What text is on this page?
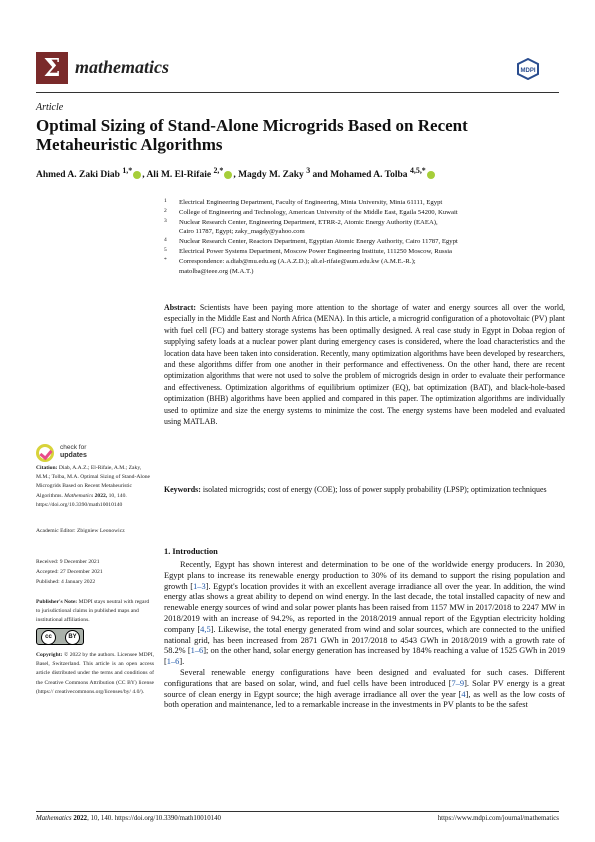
Σ mathematics	MDPI
Article
Optimal Sizing of Stand-Alone Microgrids Based on Recent Metaheuristic Algorithms
Ahmed A. Zaki Diab $^{1,*}$ , Ali M. El-Rifaie $^{2,*}$ , Magdy M. Zaky $^3$ and Mohamed A. Tolba $^{4,5,*}$
1 Electrical Engineering Department, Faculty of Engineering, Minia University, Minia 61111, Egypt
2 College of Engineering and Technology, American University of the Middle East, Egaila 54200, Kuwait
3 Nuclear Research Center, Engineering Department, ETRR-2, Atomic Energy Authority (EAEA),
Cairo 11787, Egypt; zaky_magdy@yahoo.com
4 Nuclear Research Center, Reactors Department, Egyptian Atomic Energy Authority, Cairo 11787, Egypt
5 Electrical Power Systems Department, Moscow Power Engineering Institute, 111250 Moscow, Russia
* Correspondence: a.diab@mu.edu.eg (A.A.Z.D.); ali.el-rifaie@aum.edu.kw (A.M.E.-R.);
matolba@ieee.org (M.A.T.)
Abstract: Scientists have been paying more attention to the shortage of water and energy sources all over the world, especially in the Middle East and North Africa (MENA). In this article, a microgrid configuration of a photovoltaic (PV) plant with fuel cell (FC) and battery storage systems has been optimally designed. A real case study in Egypt in Dobaa region of supplying safety loads at a nuclear power plant during emergency cases is considered, where the load characteristics and the location data have been taken into consideration. Recently, many optimization algorithms have been developed by researchers, and these algorithms differ from one another in their performance and effectiveness. On the other hand, there are recent optimization algorithms that were not used to solve the problem of microgrids design in order to evaluate their performance and effectiveness. Optimization algorithms of equilibrium optimizer (EQ), bat optimization (BAT), and black-hole-based optimization (BHB) algorithms have been applied and compared in this paper. The optimization algorithms are individually used to optimize and size the energy systems to minimize the cost. The energy systems have been modeled and evaluated using MATLAB.
Keywords: isolated microgrids; cost of energy (COE); loss of power supply probability (LPSP); optimization techniques
check for
updates
Citation: Diab, A.A.Z.; El-Rifaie, A.M.; Zaky, M.M.; Tolba, M.A. Optimal Sizing of Stand-Alone Microgrids Based on Recent Metaheuristic Algorithms. Mathematics 2022, 10, 140. https://doi.org/10.3390/math10010140
Academic Editor: Zbigniew Leonowicz
Received: 9 December 2021
Accepted: 27 December 2021
Published: 4 January 2022
Publisher's Note: MDPI stays neutral with regard to jurisdictional claims in published maps and institutional affiliations.
cc	BY
Copyright: © 2022 by the authors. Licensee MDPI, Basel, Switzerland. This article is an open access article distributed under the terms and conditions of the Creative Commons Attribution (CC BY) license (https:// creativecommons.org/licenses/by/ 4.0/).
1. Introduction

Recently, Egypt has shown interest and determination to be one of the worldwide energy producers. In 2030, Egypt plans to increase its renewable energy production to 30% of its demand to support the rising population and growth [1–3]. Egypt's location provides it with an excellent average irradiance all over the year. In addition, the wind energy atlas shows a great ability to depend on wind energy. In the last decade, the total installed capacity of new and renewable energy sources of wind and solar power plants has been raised from 1157 MW in 2017/2018 to 2247 MW in 2018/2019 with an increase of 94.2%, as reported in the 2018/2019 annual report of the Egyptian electricity holding company [4,5]. Likewise, the total energy generated from wind and solar sources, which are connected to the unified national grid, has been increased from 2871 GWh in 2017/2018 to 4543 GWh in 2018/2019 with a growth rate of 58.2% [1–6]; on the other hand, solar energy generation has increased by 184% reaching a value of 1525 GWh in 2019 [1–6].

Several renewable energy configurations have been designed and evaluated for such cases. Different configurations that are based on solar, wind, and fuel cells have been introduced [7–9]. Solar PV energy is a great source of clean energy in Egypt source; the high average irradiance all over the year [4], as well as the low costs of both operation and maintenance, led to a remarkable increase in the investments in PV plants to be the safest

Mathematics 2022, 10, 140. https://doi.org/10.3390/math10010140	https://www.mdpi.com/journal/mathematics
